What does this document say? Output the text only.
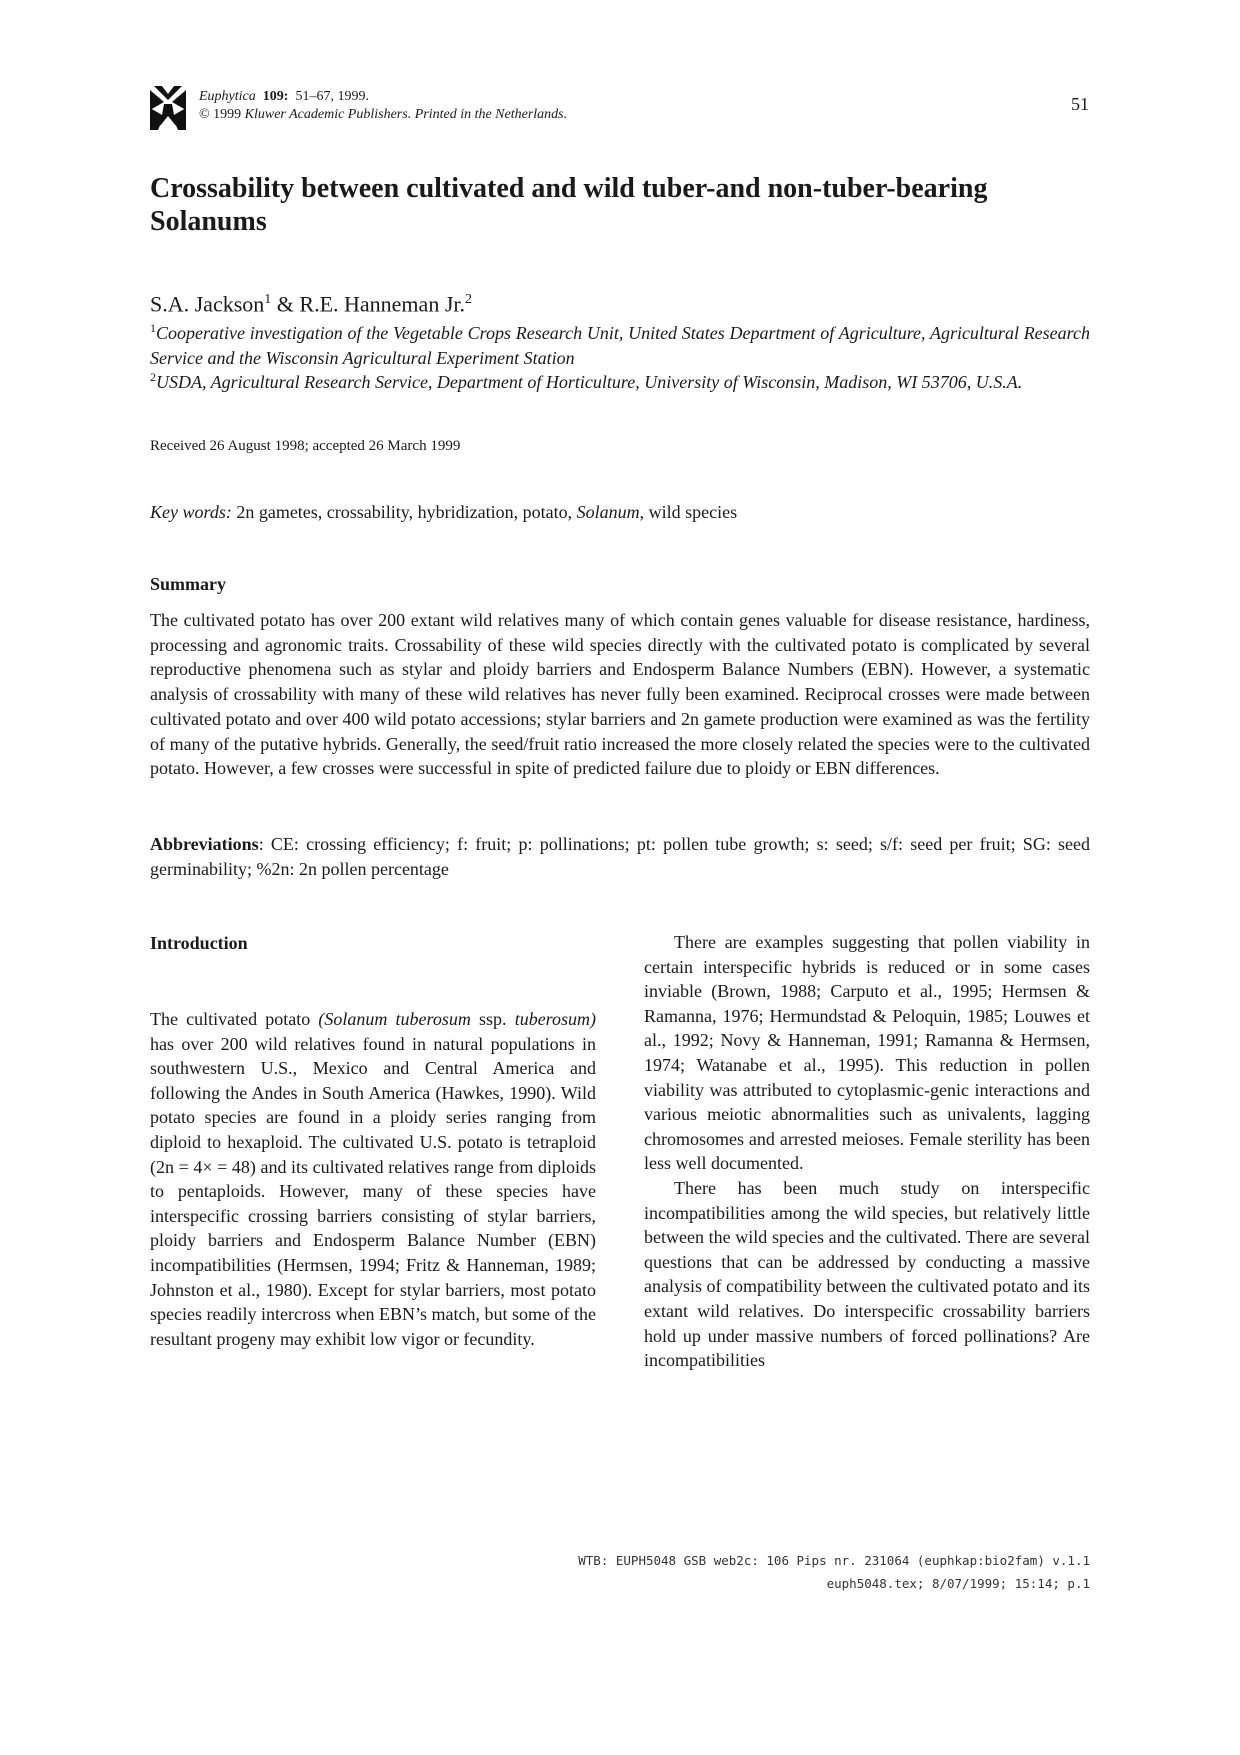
Euphytica 109: 51–67, 1999.
© 1999 Kluwer Academic Publishers. Printed in the Netherlands.
51
Crossability between cultivated and wild tuber-and non-tuber-bearing Solanums
S.A. Jackson$^1$ & R.E. Hanneman Jr.$^2$
$^1$Cooperative investigation of the Vegetable Crops Research Unit, United States Department of Agriculture, Agricultural Research Service and the Wisconsin Agricultural Experiment Station
$^2$USDA, Agricultural Research Service, Department of Horticulture, University of Wisconsin, Madison, WI 53706, U.S.A.
Received 26 August 1998; accepted 26 March 1999
Key words: 2n gametes, crossability, hybridization, potato, Solanum, wild species
Summary

The cultivated potato has over 200 extant wild relatives many of which contain genes valuable for disease resistance, hardiness, processing and agronomic traits. Crossability of these wild species directly with the cultivated potato is complicated by several reproductive phenomena such as stylar and ploidy barriers and Endosperm Balance Numbers (EBN). However, a systematic analysis of crossability with many of these wild relatives has never fully been examined. Reciprocal crosses were made between cultivated potato and over 400 wild potato accessions; stylar barriers and 2n gamete production were examined as was the fertility of many of the putative hybrids. Generally, the seed/fruit ratio increased the more closely related the species were to the cultivated potato. However, a few crosses were successful in spite of predicted failure due to ploidy or EBN differences.

Abbreviations: CE: crossing efficiency; f: fruit; p: pollinations; pt: pollen tube growth; s: seed; s/f: seed per fruit; SG: seed germinability; %2n: 2n pollen percentage

Introduction

The cultivated potato (Solanum tuberosum ssp. tuberosum) has over 200 wild relatives found in natural populations in southwestern U.S., Mexico and Central America and following the Andes in South America (Hawkes, 1990). Wild potato species are found in a ploidy series ranging from diploid to hexaploid. The cultivated U.S. potato is tetraploid (2n = 4× = 48) and its cultivated relatives range from diploids to pentaploids. However, many of these species have interspecific crossing barriers consisting of stylar barriers, ploidy barriers and Endosperm Balance Number (EBN) incompatibilities (Hermsen, 1994; Fritz & Hanneman, 1989; Johnston et al., 1980). Except for stylar barriers, most potato species readily intercross when EBN’s match, but some of the resultant progeny may exhibit low vigor or fecundity.

There are examples suggesting that pollen viability in certain interspecific hybrids is reduced or in some cases inviable (Brown, 1988; Carputo et al., 1995; Hermsen & Ramanna, 1976; Hermundstad & Peloquin, 1985; Louwes et al., 1992; Novy & Hanneman, 1991; Ramanna & Hermsen, 1974; Watanabe et al., 1995). This reduction in pollen viability was attributed to cytoplasmic-genic interactions and various meiotic abnormalities such as univalents, lagging chromosomes and arrested meioses. Female sterility has been less well documented.

There has been much study on interspecific incompatibilities among the wild species, but relatively little between the wild species and the cultivated. There are several questions that can be addressed by conducting a massive analysis of compatibility between the cultivated potato and its extant wild relatives. Do interspecific crossability barriers hold up under massive numbers of forced pollinations? Are incompatibilities

WTB: EUPH5048 GSB web2c: 106 Pips nr. 231064 (euphkap:bio2fam) v.1.1
euph5048.tex; 8/07/1999; 15:14; p.1
